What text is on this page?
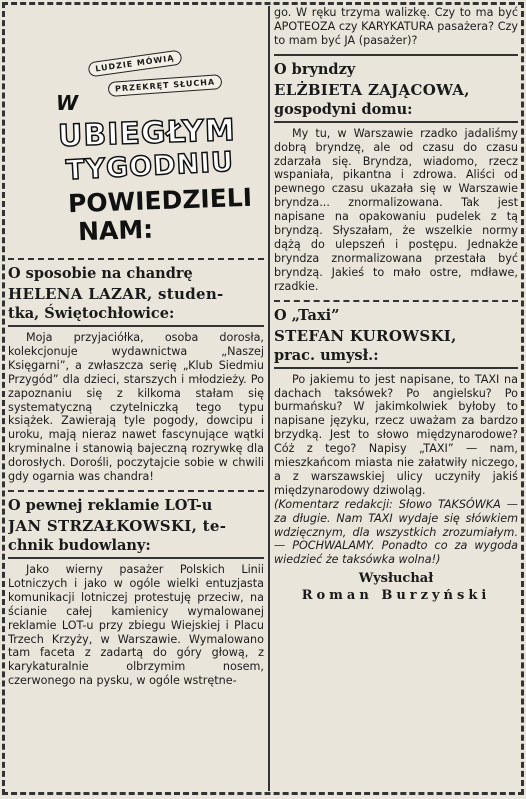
LUDZIE MÓWIĄ
PRZEKRĘT SŁUCHA
W
UBIEGŁYM
TYGODNIU
POWIEDZIELI
NAM:

O sposobie na chandrę

HELENA LAZAR, studen-

tka, Świętochłowice:

Moja przyjaciółka, osoba dorosła, kolekcjonuje wydawnictwa „Naszej Księgarni”, a zwłaszcza serię „Klub Siedmiu Przygód” dla dzieci, starszych i młodzieży. Po zapoznaniu się z kilkoma stałam się systematyczną czytelniczką tego typu książek. Zawierają tyle pogody, dowcipu i uroku, mają nieraz nawet fascynujące wątki kryminalne i stanowią bajeczną rozrywkę dla dorosłych. Dorośli, poczytajcie sobie w chwili gdy ogarnia was chandra!

O pewnej reklamie LOT-u

JAN STRZAŁKOWSKI, te-

chnik budowlany:

Jako wierny pasażer Polskich Linii Lotniczych i jako w ogóle wielki entuzjasta komunikacji lotniczej protestuję przeciw, na ścianie całej kamienicy wymalowanej reklamie LOT-u przy zbiegu Wiejskiej i Placu Trzech Krzyży, w Warszawie. Wymalowano tam faceta z zadartą do góry głową, z karykaturalnie olbrzymim nosem, czerwonego na pysku, w ogóle wstrętne-

go. W ręku trzyma walizkę. Czy to ma być APOTEOZA czy KARYKATURA pasażera? Czy to mam być JA (pasażer)?

O bryndzy

ELŻBIETA ZAJĄCOWA,

gospodyni domu:

My tu, w Warszawie rzadko jadaliśmy dobrą bryndzę, ale od czasu do czasu zdarzała się. Bryndza, wiadomo, rzecz wspaniała, pikantna i zdrowa. Aliści od pewnego czasu ukazała się w Warszawie bryndza... znormalizowana. Tak jest napisane na opakowaniu pudelek z tą bryndzą. Słyszałam, że wszelkie normy dążą do ulepszeń i postępu. Jednakże bryndza znormalizowana przestała być bryndzą. Jakieś to mało ostre, mdławe, rzadkie.

O „Taxi”

STEFAN KUROWSKI,

prac. umysł.:

Po jakiemu to jest napisane, to TAXI na dachach taksówek? Po angielsku? Po burmańsku? W jakimkolwiek byłoby to napisane języku, rzecz uważam za bardzo brzydką. Jest to słowo międzynarodowe? Cóż z tego? Napisy „TAXI” — nam, mieszkańcom miasta nie załatwiły niczego, a z warszawskiej ulicy uczyniły jakiś międzynarodowy dziwoląg.

(Komentarz redakcji: Słowo TAKSÓWKA — za długie. Nam TAXI wydaje się słówkiem wdzięcznym, dla wszystkich zrozumiałym. — POCHWALAMY. Ponadto co za wygoda wiedzieć że taksówka wolna!)

Wysłuchał

Roman Burzyński
